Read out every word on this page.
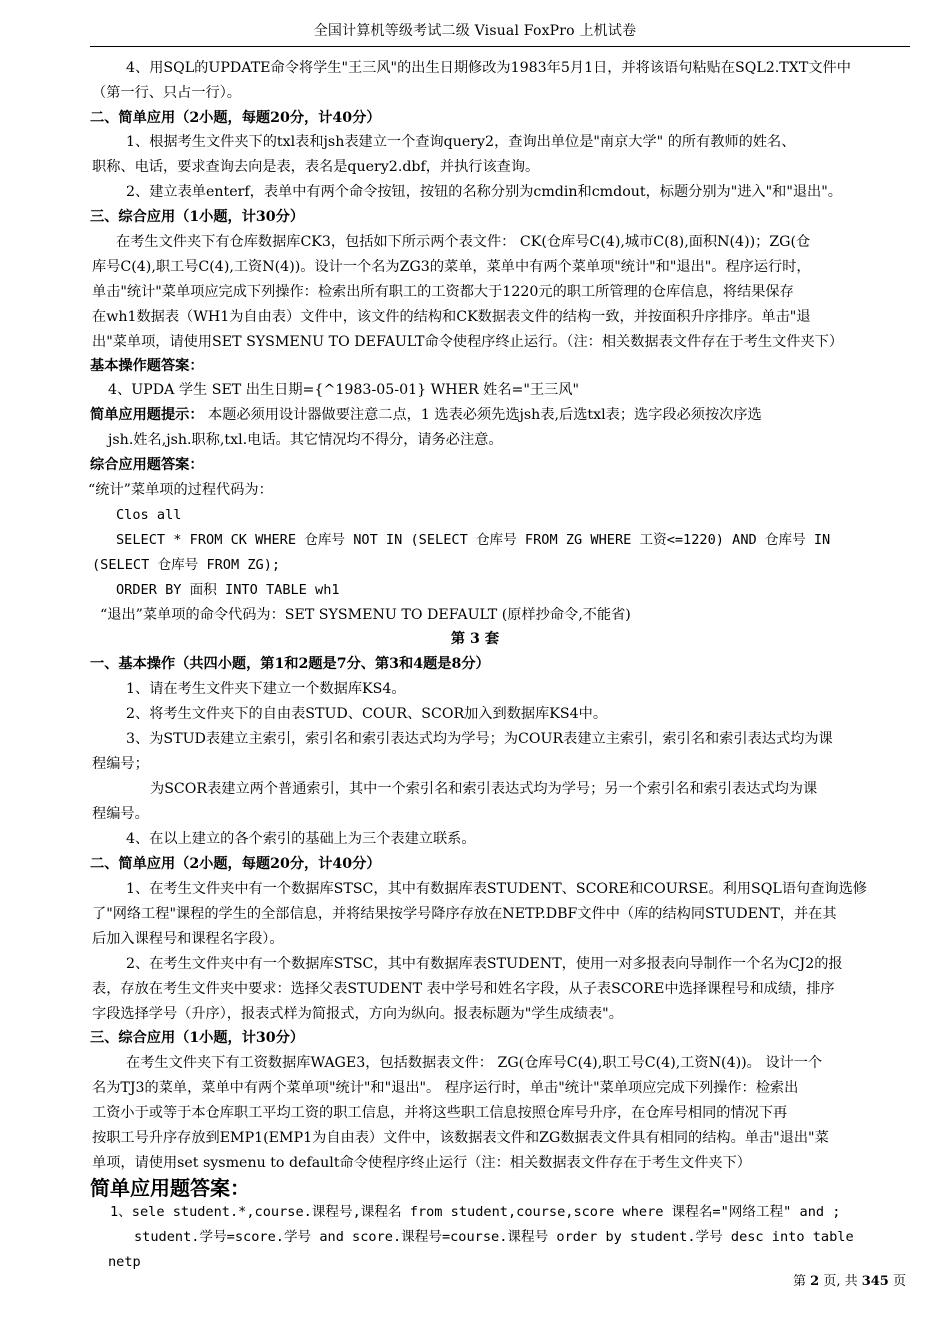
全国计算机等级考试二级 Visual FoxPro 上机试卷
4、用SQL的UPDATE命令将学生"王三风"的出生日期修改为1983年5月1日，并将该语句粘贴在SQL2.TXT文件中
（第一行、只占一行）。
二、简单应用（2小题，每题20分，计40分）
1、根据考生文件夹下的txl表和jsh表建立一个查询query2，查询出单位是"南京大学" 的所有教师的姓名、
职称、电话，要求查询去向是表，表名是query2.dbf，并执行该查询。
2、建立表单enterf，表单中有两个命令按钮，按钮的名称分别为cmdin和cmdout，标题分别为"进入"和"退出"。
三、综合应用（1小题，计30分）
在考生文件夹下有仓库数据库CK3，包括如下所示两个表文件： CK(仓库号C(4),城市C(8),面积N(4))；ZG(仓
库号C(4),职工号C(4),工资N(4))。设计一个名为ZG3的菜单，菜单中有两个菜单项"统计"和"退出"。程序运行时，
单击"统计"菜单项应完成下列操作：检索出所有职工的工资都大于1220元的职工所管理的仓库信息，将结果保存
在wh1数据表（WH1为自由表）文件中，该文件的结构和CK数据表文件的结构一致，并按面积升序排序。单击"退
出"菜单项，请使用SET SYSMENU TO DEFAULT命令使程序终止运行。（注：相关数据表文件存在于考生文件夹下）
基本操作题答案：
4、UPDA 学生 SET 出生日期={^1983-05-01} WHER 姓名="王三风"
简单应用题提示： 本题必须用设计器做要注意二点，1 选表必须先选jsh表,后选txl表；选字段必须按次序选
jsh.姓名,jsh.职称,txl.电话。其它情况均不得分，请务必注意。
综合应用题答案：
“统计”菜单项的过程代码为：
Clos all
SELECT * FROM CK WHERE 仓库号 NOT IN (SELECT 仓库号 FROM ZG WHERE 工资<=1220) AND 仓库号 IN
(SELECT 仓库号 FROM ZG);
ORDER BY 面积 INTO TABLE wh1
“退出”菜单项的命令代码为：SET SYSMENU TO DEFAULT (原样抄命令,不能省)
第 3 套
一、基本操作（共四小题，第1和2题是7分、第3和4题是8分）
1、请在考生文件夹下建立一个数据库KS4。
2、将考生文件夹下的自由表STUD、COUR、SCOR加入到数据库KS4中。
3、为STUD表建立主索引，索引名和索引表达式均为学号；为COUR表建立主索引，索引名和索引表达式均为课
程编号；
为SCOR表建立两个普通索引，其中一个索引名和索引表达式均为学号；另一个索引名和索引表达式均为课
程编号。
4、在以上建立的各个索引的基础上为三个表建立联系。
二、简单应用（2小题，每题20分，计40分）
1、在考生文件夹中有一个数据库STSC，其中有数据库表STUDENT、SCORE和COURSE。利用SQL语句查询选修
了"网络工程"课程的学生的全部信息，并将结果按学号降序存放在NETP.DBF文件中（库的结构同STUDENT，并在其
后加入课程号和课程名字段）。
2、在考生文件夹中有一个数据库STSC，其中有数据库表STUDENT，使用一对多报表向导制作一个名为CJ2的报
表，存放在考生文件夹中要求：选择父表STUDENT 表中学号和姓名字段，从子表SCORE中选择课程号和成绩，排序
字段选择学号（升序），报表式样为简报式，方向为纵向。报表标题为"学生成绩表"。
三、综合应用（1小题，计30分）
在考生文件夹下有工资数据库WAGE3，包括数据表文件： ZG(仓库号C(4),职工号C(4),工资N(4))。 设计一个
名为TJ3的菜单，菜单中有两个菜单项"统计"和"退出"。 程序运行时，单击"统计"菜单项应完成下列操作：检索出
工资小于或等于本仓库职工平均工资的职工信息，并将这些职工信息按照仓库号升序，在仓库号相同的情况下再
按职工号升序存放到EMP1(EMP1为自由表）文件中，该数据表文件和ZG数据表文件具有相同的结构。单击"退出"菜
单项，请使用set sysmenu to default命令使程序终止运行（注：相关数据表文件存在于考生文件夹下）
简单应用题答案：
1、sele student.*,course.课程号,课程名 from student,course,score where 课程名="网络工程" and ;
student.学号=score.学号 and score.课程号=course.课程号 order by student.学号 desc into table
netp
第 2 页, 共 345 页
